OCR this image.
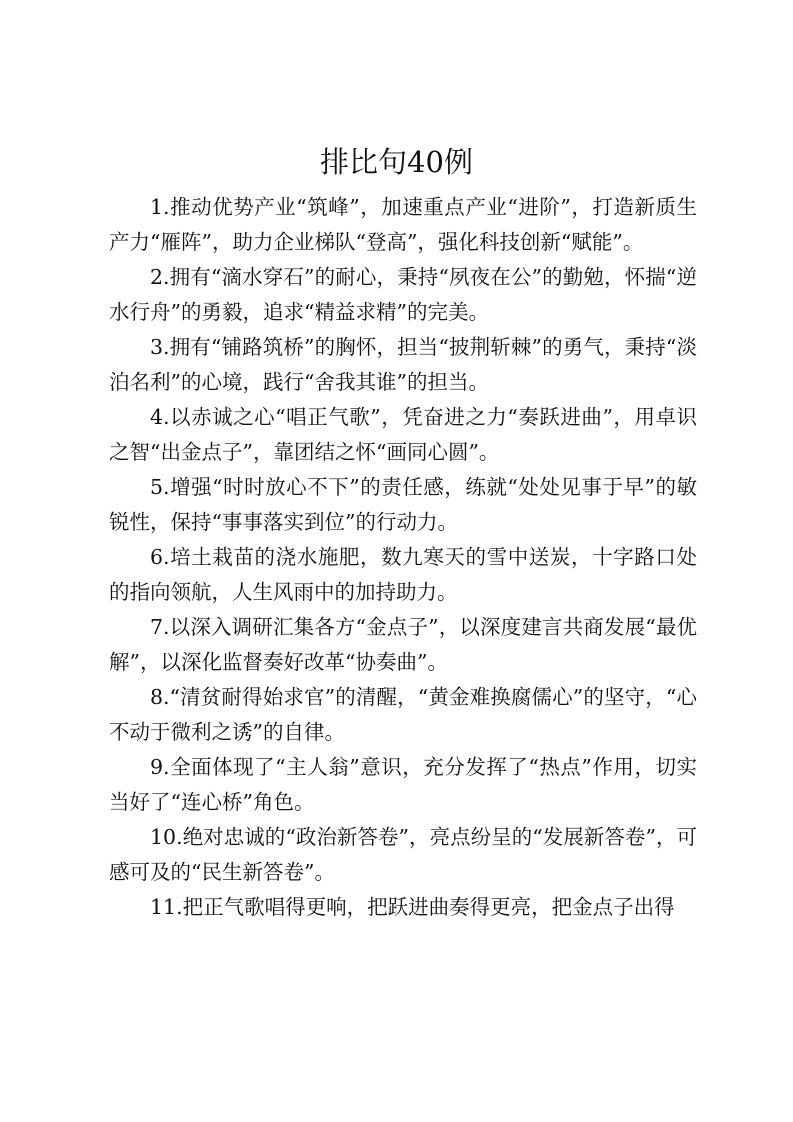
排比句40例

1.推动优势产业“筑峰”，加速重点产业“进阶”，打造新质生产力“雁阵”，助力企业梯队“登高”，强化科技创新“赋能”。

2.拥有“滴水穿石”的耐心，秉持“夙夜在公”的勤勉，怀揣“逆水行舟”的勇毅，追求“精益求精”的完美。

3.拥有“铺路筑桥”的胸怀，担当“披荆斩棘”的勇气，秉持“淡泊名利”的心境，践行“舍我其谁”的担当。

4.以赤诚之心“唱正气歌”，凭奋进之力“奏跃进曲”，用卓识之智“出金点子”，靠团结之怀“画同心圆”。

5.增强“时时放心不下”的责任感，练就“处处见事于早”的敏锐性，保持“事事落实到位”的行动力。

6.培土栽苗的浇水施肥，数九寒天的雪中送炭，十字路口处的指向领航，人生风雨中的加持助力。

7.以深入调研汇集各方“金点子”，以深度建言共商发展“最优解”，以深化监督奏好改革“协奏曲”。

8.“清贫耐得始求官”的清醒，“黄金难换腐儒心”的坚守，“心不动于微利之诱”的自律。

9.全面体现了“主人翁”意识，充分发挥了“热点”作用，切实当好了“连心桥”角色。

10.绝对忠诚的“政治新答卷”，亮点纷呈的“发展新答卷”，可感可及的“民生新答卷”。

11.把正气歌唱得更响，把跃进曲奏得更亮，把金点子出得
